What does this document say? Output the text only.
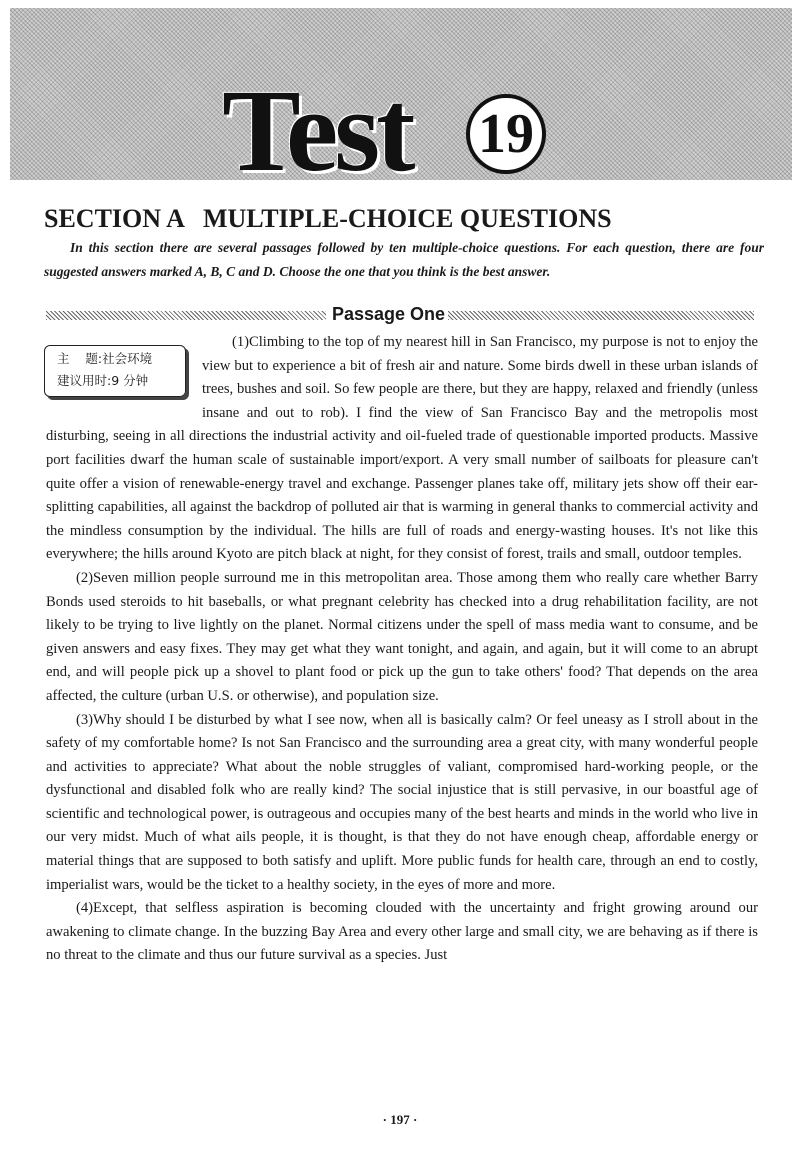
Test 19
SECTION A   MULTIPLE-CHOICE QUESTIONS
In this section there are several passages followed by ten multiple-choice questions. For each question, there are four suggested answers marked A, B, C and D. Choose the one that you think is the best answer.
Passage One
主    题:社会环境
建议用时:9 分钟

(1)Climbing to the top of my nearest hill in San Francisco, my purpose is not to enjoy the view but to experience a bit of fresh air and nature. Some birds dwell in these urban islands of trees, bushes and soil. So few people are there, but they are happy, relaxed and friendly (unless insane and out to rob). I find the view of San Francisco Bay and the metropolis most disturbing, seeing in all directions the industrial activity and oil-fueled trade of questionable imported products. Massive port facilities dwarf the human scale of sustainable import/export. A very small number of sailboats for pleasure can't quite offer a vision of renewable-energy travel and exchange. Passenger planes take off, military jets show off their ear-splitting capabilities, all against the backdrop of polluted air that is warming in general thanks to commercial activity and the mindless consumption by the individual. The hills are full of roads and energy-wasting houses. It's not like this everywhere; the hills around Kyoto are pitch black at night, for they consist of forest, trails and small, outdoor temples.

(2)Seven million people surround me in this metropolitan area. Those among them who really care whether Barry Bonds used steroids to hit baseballs, or what pregnant celebrity has checked into a drug rehabilitation facility, are not likely to be trying to live lightly on the planet. Normal citizens under the spell of mass media want to consume, and be given answers and easy fixes. They may get what they want tonight, and again, and again, but it will come to an abrupt end, and will people pick up a shovel to plant food or pick up the gun to take others' food? That depends on the area affected, the culture (urban U.S. or otherwise), and population size.

(3)Why should I be disturbed by what I see now, when all is basically calm? Or feel uneasy as I stroll about in the safety of my comfortable home? Is not San Francisco and the surrounding area a great city, with many wonderful people and activities to appreciate? What about the noble struggles of valiant, compromised hard-working people, or the dysfunctional and disabled folk who are really kind? The social injustice that is still pervasive, in our boastful age of scientific and technological power, is outrageous and occupies many of the best hearts and minds in the world who live in our very midst. Much of what ails people, it is thought, is that they do not have enough cheap, affordable energy or material things that are supposed to both satisfy and uplift. More public funds for health care, through an end to costly, imperialist wars, would be the ticket to a healthy society, in the eyes of more and more.

(4)Except, that selfless aspiration is becoming clouded with the uncertainty and fright growing around our awakening to climate change. In the buzzing Bay Area and every other large and small city, we are behaving as if there is no threat to the climate and thus our future survival as a species. Just

· 197 ·
